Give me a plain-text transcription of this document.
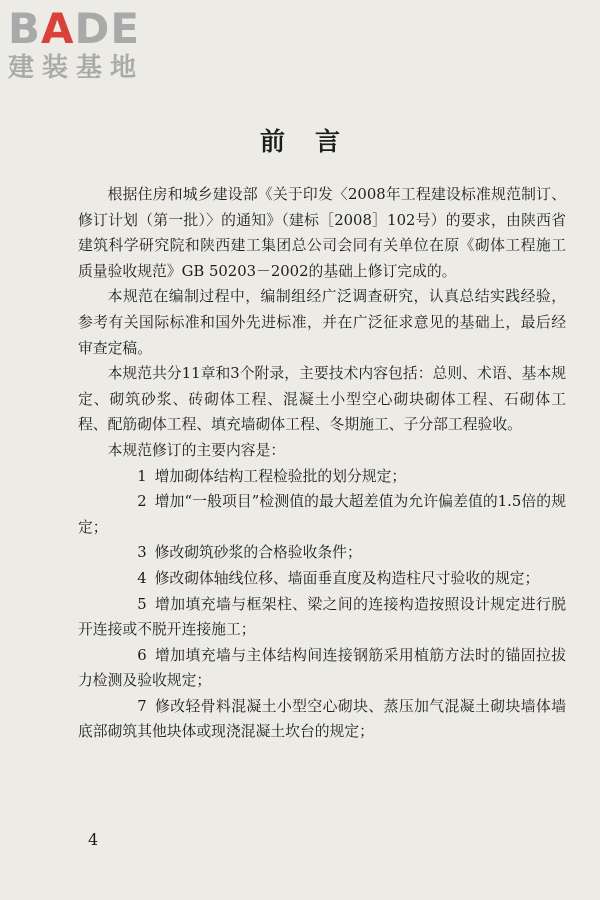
BADE
建装基地
前言

根据住房和城乡建设部《关于印发〈2008年工程建设标准规范制订、修订计划（第一批）〉的通知》（建标［2008］102号）的要求，由陕西省建筑科学研究院和陕西建工集团总公司会同有关单位在原《砌体工程施工质量验收规范》GB 50203－2002的基础上修订完成的。

本规范在编制过程中，编制组经广泛调查研究，认真总结实践经验，参考有关国际标准和国外先进标准，并在广泛征求意见的基础上，最后经审查定稿。

本规范共分11章和3个附录，主要技术内容包括：总则、术语、基本规定、砌筑砂浆、砖砌体工程、混凝土小型空心砌块砌体工程、石砌体工程、配筋砌体工程、填充墙砌体工程、冬期施工、子分部工程验收。

本规范修订的主要内容是：

1 增加砌体结构工程检验批的划分规定；

2 增加“一般项目”检测值的最大超差值为允许偏差值的1.5倍的规定；

3 修改砌筑砂浆的合格验收条件；

4 修改砌体轴线位移、墙面垂直度及构造柱尺寸验收的规定；

5 增加填充墙与框架柱、梁之间的连接构造按照设计规定进行脱开连接或不脱开连接施工；

6 增加填充墙与主体结构间连接钢筋采用植筋方法时的锚固拉拔力检测及验收规定；

7 修改轻骨料混凝土小型空心砌块、蒸压加气混凝土砌块墙体墙底部砌筑其他块体或现浇混凝土坎台的规定；

4
